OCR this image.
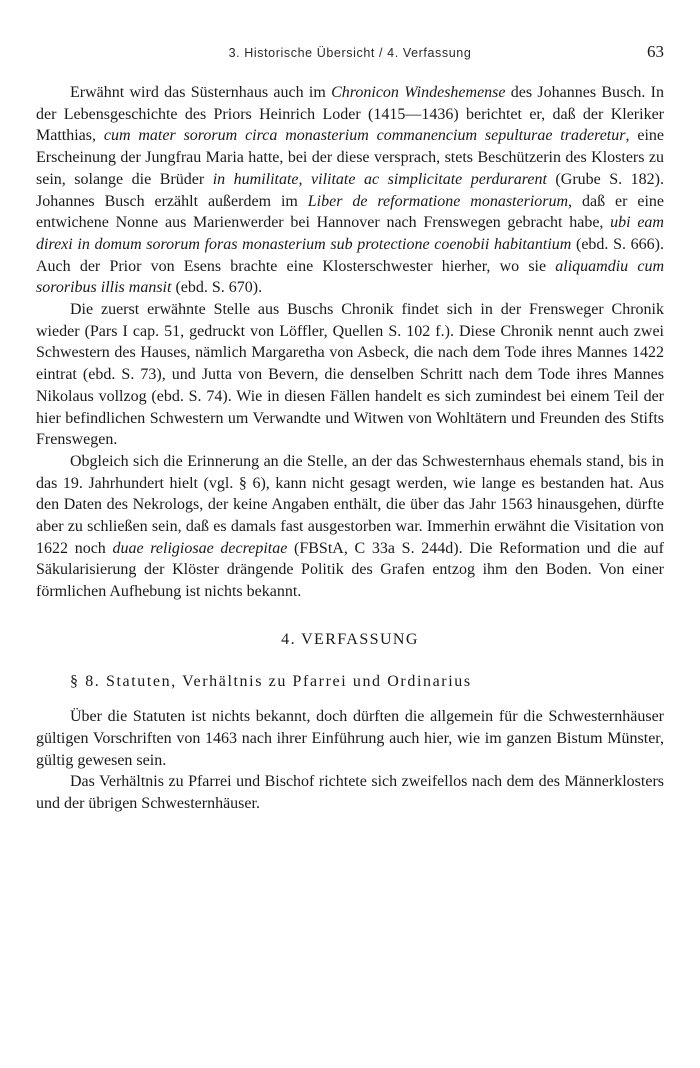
3. Historische Übersicht / 4. Verfassung	63

Erwähnt wird das Süsternhaus auch im Chronicon Windeshemense des Johannes Busch. In der Lebensgeschichte des Priors Heinrich Loder (1415—1436) berichtet er, daß der Kleriker Matthias, cum mater sororum circa monasterium commanencium sepulturae traderetur, eine Erscheinung der Jungfrau Maria hatte, bei der diese versprach, stets Beschützerin des Klosters zu sein, solange die Brüder in humilitate, vilitate ac simplicitate perdurarent (Grube S. 182). Johannes Busch erzählt außerdem im Liber de reformatione monasteriorum, daß er eine entwichene Nonne aus Marienwerder bei Hannover nach Frenswegen gebracht habe, ubi eam direxi in domum sororum foras monasterium sub protectione coenobii habitantium (ebd. S. 666). Auch der Prior von Esens brachte eine Klosterschwester hierher, wo sie aliquamdiu cum sororibus illis mansit (ebd. S. 670).

Die zuerst erwähnte Stelle aus Buschs Chronik findet sich in der Frensweger Chronik wieder (Pars I cap. 51, gedruckt von Löffler, Quellen S. 102 f.). Diese Chronik nennt auch zwei Schwestern des Hauses, nämlich Margaretha von Asbeck, die nach dem Tode ihres Mannes 1422 eintrat (ebd. S. 73), und Jutta von Bevern, die denselben Schritt nach dem Tode ihres Mannes Nikolaus vollzog (ebd. S. 74). Wie in diesen Fällen handelt es sich zumindest bei einem Teil der hier befindlichen Schwestern um Verwandte und Witwen von Wohltätern und Freunden des Stifts Frenswegen.

Obgleich sich die Erinnerung an die Stelle, an der das Schwesternhaus ehemals stand, bis in das 19. Jahrhundert hielt (vgl. § 6), kann nicht gesagt werden, wie lange es bestanden hat. Aus den Daten des Nekrologs, der keine Angaben enthält, die über das Jahr 1563 hinausgehen, dürfte aber zu schließen sein, daß es damals fast ausgestorben war. Immerhin erwähnt die Visitation von 1622 noch duae religiosae decrepitae (FBStA, C 33a S. 244d). Die Reformation und die auf Säkularisierung der Klöster drängende Politik des Grafen entzog ihm den Boden. Von einer förmlichen Aufhebung ist nichts bekannt.

4. VERFASSUNG
§ 8. Statuten, Verhältnis zu Pfarrei und Ordinarius

Über die Statuten ist nichts bekannt, doch dürften die allgemein für die Schwesternhäuser gültigen Vorschriften von 1463 nach ihrer Einführung auch hier, wie im ganzen Bistum Münster, gültig gewesen sein.

Das Verhältnis zu Pfarrei und Bischof richtete sich zweifellos nach dem des Männerklosters und der übrigen Schwesternhäuser.
